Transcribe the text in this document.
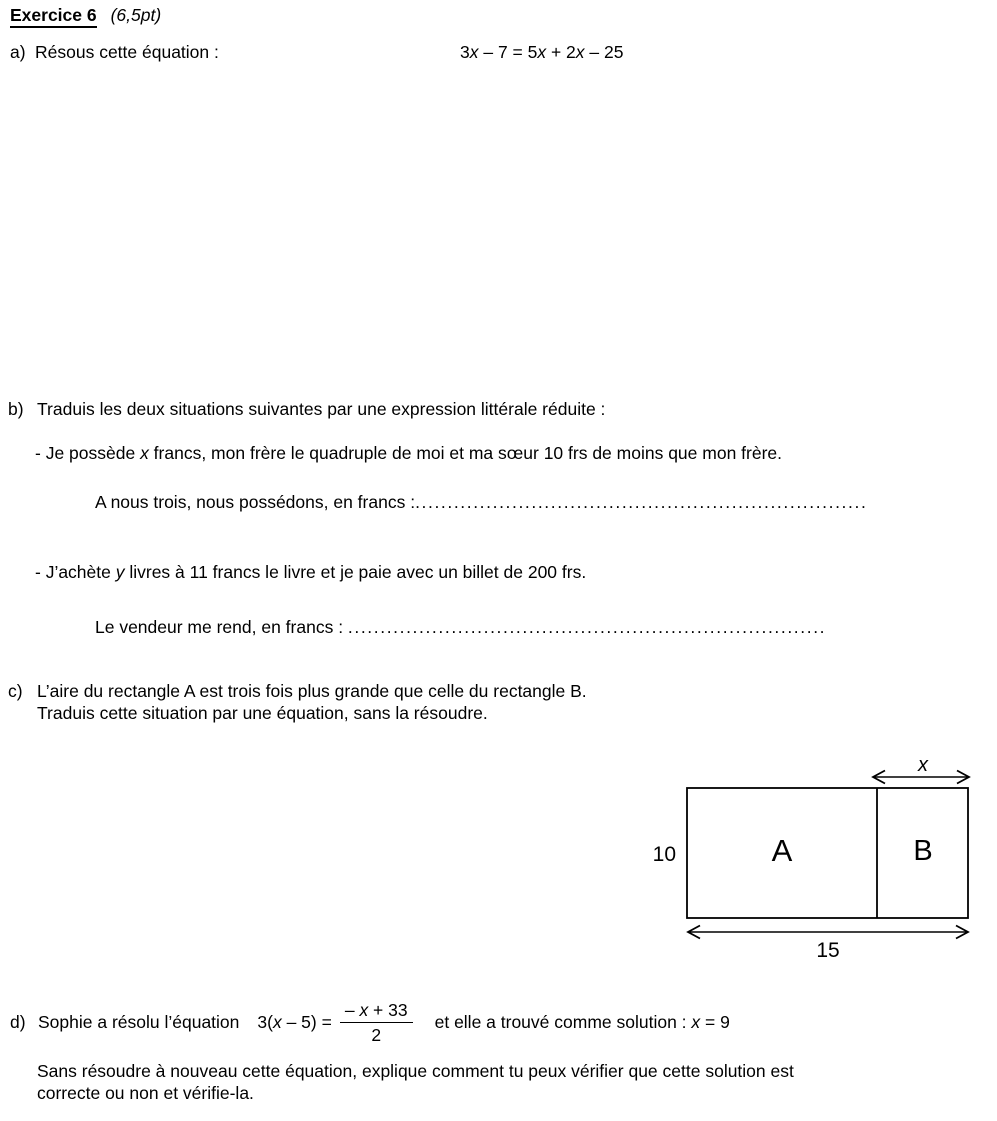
Exercice 6 (6,5pt)
a) Résous cette équation :	3x – 7 = 5x + 2x – 25
b) Traduis les deux situations suivantes par une expression littérale réduite :
- Je possède x francs, mon frère le quadruple de moi et ma sœur 10 frs de moins que mon frère.
A nous trois, nous possédons, en francs :......................................................................
- J’achète y livres à 11 francs le livre et je paie avec un billet de 200 frs.
Le vendeur me rend, en francs : ..........................................................................
c) L’aire du rectangle A est trois fois plus grande que celle du rectangle B.
Traduis cette situation par une équation, sans la résoudre.
x
10	A	B
15
d) Sophie a résolu l’équation $3(x - 5) = \frac{- x + 33}{2}$ et elle a trouvé comme solution : x = 9
Sans résoudre à nouveau cette équation, explique comment tu peux vérifier que cette solution est
correcte ou non et vérifie-la.
